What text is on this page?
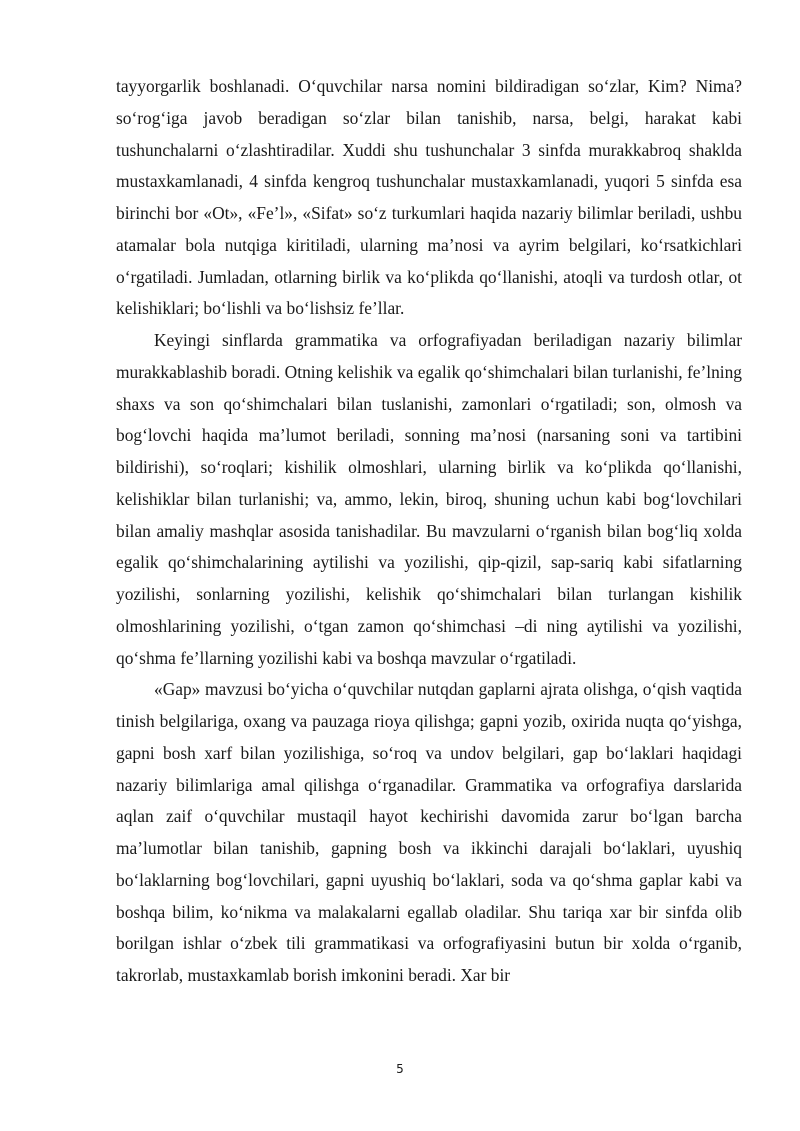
tayyorgarlik boshlanadi. O‘quvchilar narsa nomini bildiradigan so‘zlar, Kim? Nima? so‘rog‘iga javob beradigan so‘zlar bilan tanishib, narsa, belgi, harakat kabi tushunchalarni o‘zlashtiradilar. Xuddi shu tushunchalar 3 sinfda murakkabroq shaklda mustaxkamlanadi, 4 sinfda kengroq tushunchalar mustaxkamlanadi, yuqori 5 sinfda esa birinchi bor «Ot», «Fe’l», «Sifat» so‘z turkumlari haqida nazariy bilimlar beriladi, ushbu atamalar bola nutqiga kiritiladi, ularning ma’nosi va ayrim belgilari, ko‘rsatkichlari o‘rgatiladi. Jumladan, otlarning birlik va ko‘plikda qo‘llanishi, atoqli va turdosh otlar, ot kelishiklari; bo‘lishli va bo‘lishsiz fe’llar.

Keyingi sinflarda grammatika va orfografiyadan beriladigan nazariy bilimlar murakkablashib boradi. Otning kelishik va egalik qo‘shimchalari bilan turlanishi, fe’lning shaxs va son qo‘shimchalari bilan tuslanishi, zamonlari o‘rgatiladi; son, olmosh va bog‘lovchi haqida ma’lumot beriladi, sonning ma’nosi (narsaning soni va tartibini bildirishi), so‘roqlari; kishilik olmoshlari, ularning birlik va ko‘plikda qo‘llanishi, kelishiklar bilan turlanishi; va, ammo, lekin, biroq, shuning uchun kabi bog‘lovchilari bilan amaliy mashqlar asosida tanishadilar. Bu mavzularni o‘rganish bilan bog‘liq xolda egalik qo‘shimchalarining aytilishi va yozilishi, qip-qizil, sap-sariq kabi sifatlarning yozilishi, sonlarning yozilishi, kelishik qo‘shimchalari bilan turlangan kishilik olmoshlarining yozilishi, o‘tgan zamon qo‘shimchasi –di ning aytilishi va yozilishi, qo‘shma fe’llarning yozilishi kabi va boshqa mavzular o‘rgatiladi.

«Gap» mavzusi bo‘yicha o‘quvchilar nutqdan gaplarni ajrata olishga, o‘qish vaqtida tinish belgilariga, oxang va pauzaga rioya qilishga; gapni yozib, oxirida nuqta qo‘yishga, gapni bosh xarf bilan yozilishiga, so‘roq va undov belgilari, gap bo‘laklari haqidagi nazariy bilimlariga amal qilishga o‘rganadilar. Grammatika va orfografiya darslarida aqlan zaif o‘quvchilar mustaqil hayot kechirishi davomida zarur bo‘lgan barcha ma’lumotlar bilan tanishib, gapning bosh va ikkinchi darajali bo‘laklari, uyushiq bo‘laklarning bog‘lovchilari, gapni uyushiq bo‘laklari, soda va qo‘shma gaplar kabi va boshqa bilim, ko‘nikma va malakalarni egallab oladilar. Shu tariqa xar bir sinfda olib borilgan ishlar o‘zbek tili grammatikasi va orfografiyasini butun bir xolda o‘rganib, takrorlab, mustaxkamlab borish imkonini beradi. Xar bir

5
